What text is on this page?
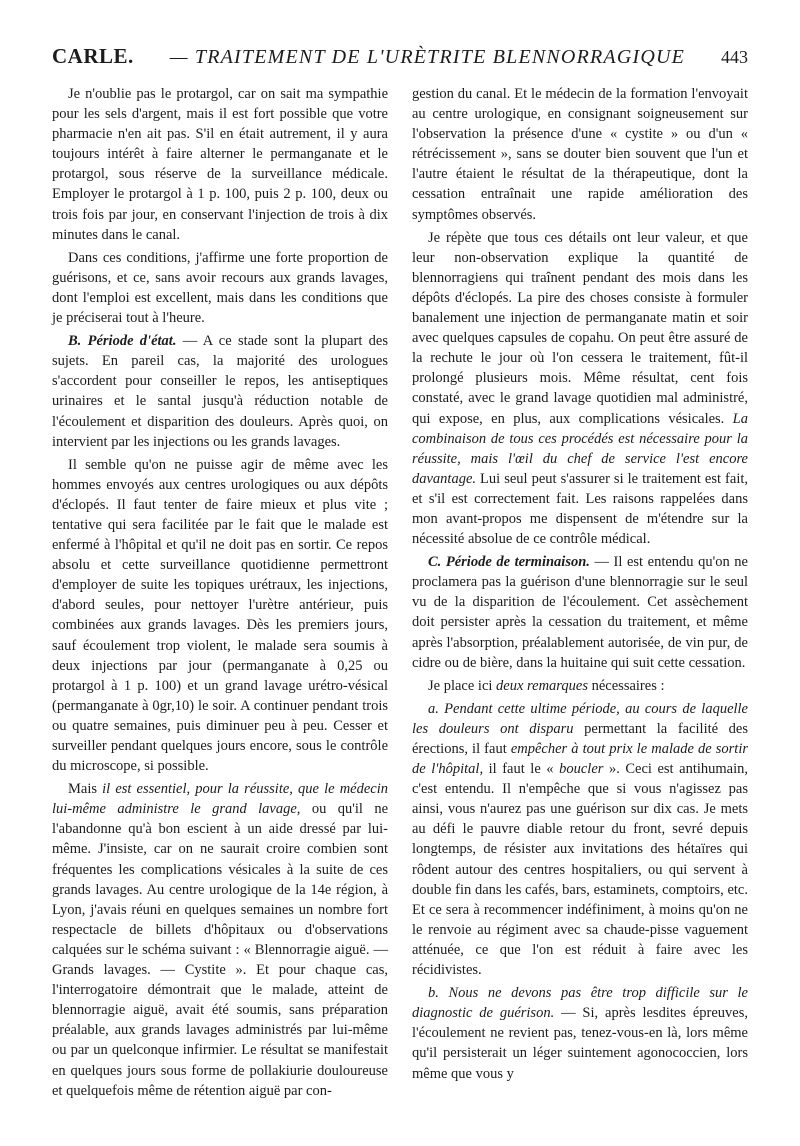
CARLE.	— TRAITEMENT DE L'URÈTRITE BLENNORRAGIQUE	443

Je n'oublie pas le protargol, car on sait ma sympathie pour les sels d'argent, mais il est fort possible que votre pharmacie n'en ait pas. S'il en était autrement, il y aura toujours intérêt à faire alterner le permanganate et le protargol, sous réserve de la surveillance médicale. Employer le protargol à 1 p. 100, puis 2 p. 100, deux ou trois fois par jour, en conservant l'injection de trois à dix minutes dans le canal.

Dans ces conditions, j'affirme une forte proportion de guérisons, et ce, sans avoir recours aux grands lavages, dont l'emploi est excellent, mais dans les conditions que je préciserai tout à l'heure.

B. Période d'état. — A ce stade sont la plupart des sujets. En pareil cas, la majorité des urologues s'accordent pour conseiller le repos, les antiseptiques urinaires et le santal jusqu'à réduction notable de l'écoulement et disparition des douleurs. Après quoi, on intervient par les injections ou les grands lavages.

Il semble qu'on ne puisse agir de même avec les hommes envoyés aux centres urologiques ou aux dépôts d'éclopés. Il faut tenter de faire mieux et plus vite ; tentative qui sera facilitée par le fait que le malade est enfermé à l'hôpital et qu'il ne doit pas en sortir. Ce repos absolu et cette surveillance quotidienne permettront d'employer de suite les topiques urétraux, les injections, d'abord seules, pour nettoyer l'urètre antérieur, puis combinées aux grands lavages. Dès les premiers jours, sauf écoulement trop violent, le malade sera soumis à deux injections par jour (permanganate à 0,25 ou protargol à 1 p. 100) et un grand lavage urétro-vésical (permanganate à 0gr,10) le soir. A continuer pendant trois ou quatre semaines, puis diminuer peu à peu. Cesser et surveiller pendant quelques jours encore, sous le contrôle du microscope, si possible.

Mais il est essentiel, pour la réussite, que le médecin lui-même administre le grand lavage, ou qu'il ne l'abandonne qu'à bon escient à un aide dressé par lui-même. J'insiste, car on ne saurait croire combien sont fréquentes les complications vésicales à la suite de ces grands lavages. Au centre urologique de la 14e région, à Lyon, j'avais réuni en quelques semaines un nombre fort respectacle de billets d'hôpitaux ou d'observations calquées sur le schéma suivant : « Blennorragie aiguë. — Grands lavages. — Cystite ». Et pour chaque cas, l'interrogatoire démontrait que le malade, atteint de blennorragie aiguë, avait été soumis, sans préparation préalable, aux grands lavages administrés par lui-même ou par un quelconque infirmier. Le résultat se manifestait en quelques jours sous forme de pollakiurie douloureuse et quelquefois même de rétention aiguë par con-

gestion du canal. Et le médecin de la formation l'envoyait au centre urologique, en consignant soigneusement sur l'observation la présence d'une « cystite » ou d'un « rétrécissement », sans se douter bien souvent que l'un et l'autre étaient le résultat de la thérapeutique, dont la cessation entraînait une rapide amélioration des symptômes observés.

Je répète que tous ces détails ont leur valeur, et que leur non-observation explique la quantité de blennorragiens qui traînent pendant des mois dans les dépôts d'éclopés. La pire des choses consiste à formuler banalement une injection de permanganate matin et soir avec quelques capsules de copahu. On peut être assuré de la rechute le jour où l'on cessera le traitement, fût-il prolongé plusieurs mois. Même résultat, cent fois constaté, avec le grand lavage quotidien mal administré, qui expose, en plus, aux complications vésicales. La combinaison de tous ces procédés est nécessaire pour la réussite, mais l'œil du chef de service l'est encore davantage. Lui seul peut s'assurer si le traitement est fait, et s'il est correctement fait. Les raisons rappelées dans mon avant-propos me dispensent de m'étendre sur la nécessité absolue de ce contrôle médical.

C. Période de terminaison. — Il est entendu qu'on ne proclamera pas la guérison d'une blennorragie sur le seul vu de la disparition de l'écoulement. Cet assèchement doit persister après la cessation du traitement, et même après l'absorption, préalablement autorisée, de vin pur, de cidre ou de bière, dans la huitaine qui suit cette cessation.

Je place ici deux remarques nécessaires :

a. Pendant cette ultime période, au cours de laquelle les douleurs ont disparu permettant la facilité des érections, il faut empêcher à tout prix le malade de sortir de l'hôpital, il faut le « boucler ». Ceci est antihumain, c'est entendu. Il n'empêche que si vous n'agissez pas ainsi, vous n'aurez pas une guérison sur dix cas. Je mets au défi le pauvre diable retour du front, sevré depuis longtemps, de résister aux invitations des hétaïres qui rôdent autour des centres hospitaliers, ou qui servent à double fin dans les cafés, bars, estaminets, comptoirs, etc. Et ce sera à recommencer indéfiniment, à moins qu'on ne le renvoie au régiment avec sa chaude-pisse vaguement atténuée, ce que l'on est réduit à faire avec les récidivistes.

b. Nous ne devons pas être trop difficile sur le diagnostic de guérison. — Si, après lesdites épreuves, l'écoulement ne revient pas, tenez-vous-en là, lors même qu'il persisterait un léger suintement agonococcien, lors même que vous y
